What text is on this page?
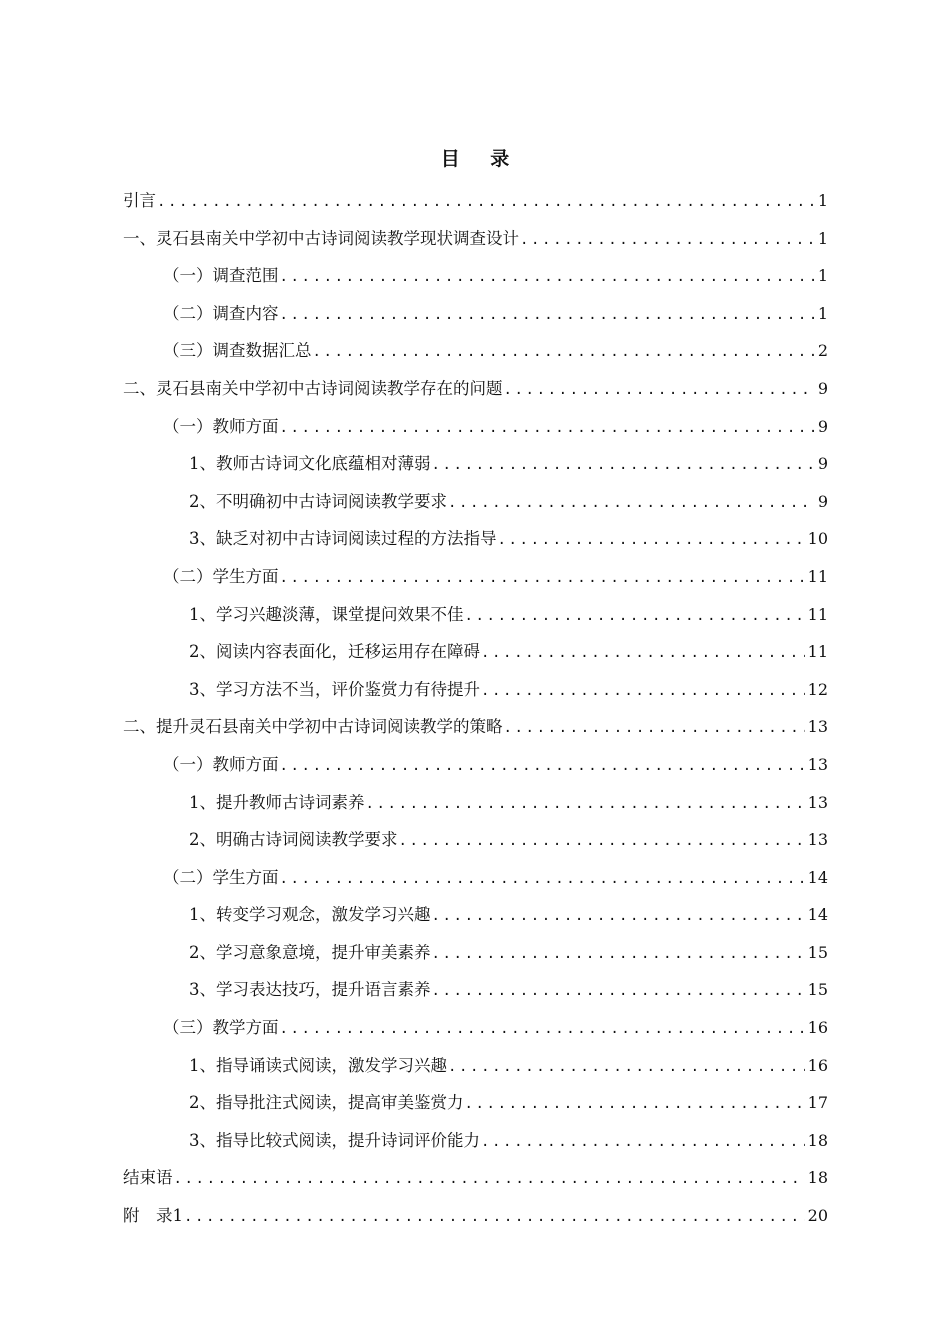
目 录
引言 .....	1
一、灵石县南关中学初中古诗词阅读教学现状调查设计 .....	1
（一）调查范围 .....	1
（二）调查内容 .....	1
（三）调查数据汇总 .....	2
二、灵石县南关中学初中古诗词阅读教学存在的问题 .....	9
（一）教师方面 .....	9
1、教师古诗词文化底蕴相对薄弱 .....	9
2、不明确初中古诗词阅读教学要求 .....	9
3、缺乏对初中古诗词阅读过程的方法指导 .....	10
（二）学生方面 .....	11
1、学习兴趣淡薄，课堂提问效果不佳 .....	11
2、阅读内容表面化，迁移运用存在障碍 .....	11
3、学习方法不当，评价鉴赏力有待提升 .....	12
二、提升灵石县南关中学初中古诗词阅读教学的策略 .....	13
（一）教师方面 .....	13
1、提升教师古诗词素养 .....	13
2、明确古诗词阅读教学要求 .....	13
（二）学生方面 .....	14
1、转变学习观念，激发学习兴趣 .....	14
2、学习意象意境，提升审美素养 .....	15
3、学习表达技巧，提升语言素养 .....	15
（三）教学方面 .....	16
1、指导诵读式阅读，激发学习兴趣 .....	16
2、指导批注式阅读，提高审美鉴赏力 .....	17
3、指导比较式阅读，提升诗词评价能力 .....	18
结束语 .....	18
附　录1 .....	20
